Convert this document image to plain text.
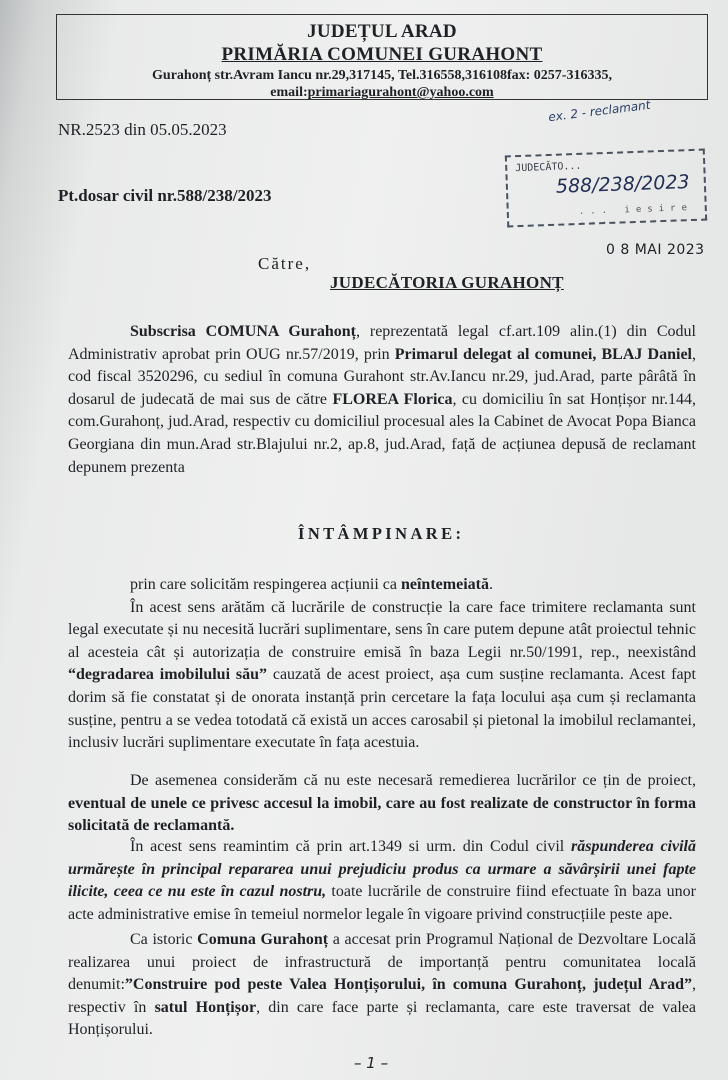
JUDEȚUL ARAD
PRIMĂRIA COMUNEI GURAHONT
Gurahonț str.Avram Iancu nr.29,317145, Tel.316558,316108fax: 0257-316335,
email:primariagurahont@yahoo.com
NR.2523 din 05.05.2023
Pt.dosar civil nr.588/238/2023
ex. 2 - reclamant
JUDECĂTO...
588/238/2023
... iesire ...
0 8 MAI 2023
Către,
JUDECĂTORIA GURAHONȚ
Subscrisa COMUNA Gurahonț, reprezentată legal cf.art.109 alin.(1) din Codul Administrativ aprobat prin OUG nr.57/2019, prin Primarul delegat al comunei, BLAJ Daniel, cod fiscal 3520296, cu sediul în comuna Gurahont str.Av.Iancu nr.29, jud.Arad, parte pârâtă în dosarul de judecată de mai sus de către FLOREA Florica, cu domiciliu în sat Honțișor nr.144, com.Gurahonț, jud.Arad, respectiv cu domiciliul procesual ales la Cabinet de Avocat Popa Bianca Georgiana din mun.Arad str.Blajului nr.2, ap.8, jud.Arad, față de acțiunea depusă de reclamant depunem prezenta
ÎNTÂMPINARE:
prin care solicităm respingerea acțiunii ca neîntemeiată.
În acest sens arătăm că lucrările de construcție la care face trimitere reclamanta sunt legal executate și nu necesită lucrări suplimentare, sens în care putem depune atât proiectul tehnic al acesteia cât și autorizația de construire emisă în baza Legii nr.50/1991, rep., neexistând “degradarea imobilului său” cauzată de acest proiect, așa cum susține reclamanta. Acest fapt dorim să fie constatat și de onorata instanță prin cercetare la fața locului așa cum și reclamanta susține, pentru a se vedea totodată că există un acces carosabil și pietonal la imobilul reclamantei, inclusiv lucrări suplimentare executate în fața acestuia.
De asemenea considerăm că nu este necesară remedierea lucrărilor ce țin de proiect, eventual de unele ce privesc accesul la imobil, care au fost realizate de constructor în forma solicitată de reclamantă.
În acest sens reamintim că prin art.1349 si urm. din Codul civil răspunderea civilă urmărește în principal repararea unui prejudiciu produs ca urmare a săvârșirii unei fapte ilicite, ceea ce nu este în cazul nostru, toate lucrările de construire fiind efectuate în baza unor acte administrative emise în temeiul normelor legale în vigoare privind construcțiile peste ape.
Ca istoric Comuna Gurahonț a accesat prin Programul Național de Dezvoltare Locală realizarea unui proiect de infrastructură de importanță pentru comunitatea locală denumit:”Construire pod peste Valea Honțișorului, în comuna Gurahonț, județul Arad”, respectiv în satul Honțișor, din care face parte și reclamanta, care este traversat de valea Honțișorului.
– 1 –
